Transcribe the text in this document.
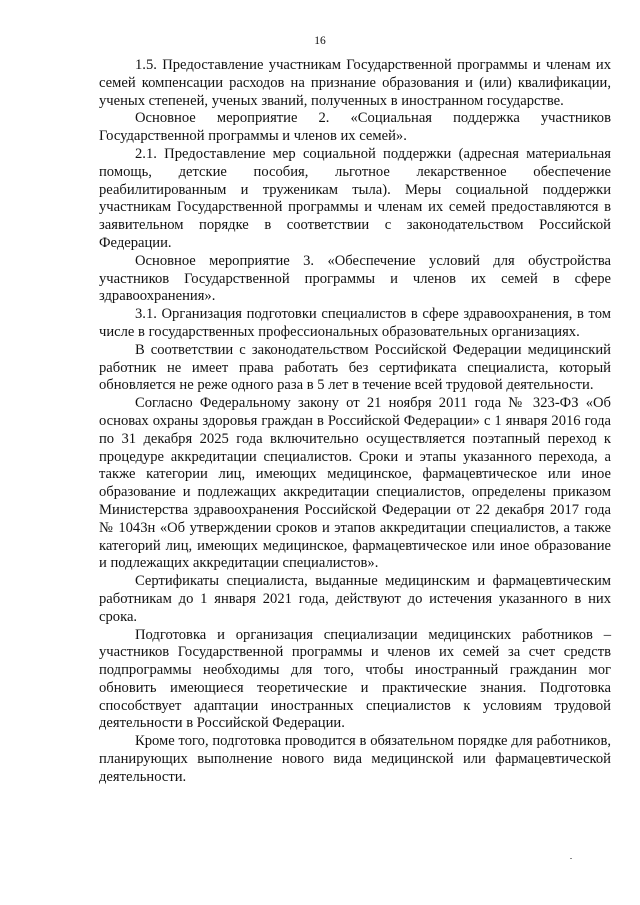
16

1.5. Предоставление участникам Государственной программы и членам их семей компенсации расходов на признание образования и (или) квалификации, ученых степеней, ученых званий, полученных в иностранном государстве.

Основное мероприятие 2. «Социальная поддержка участников Государственной программы и членов их семей».

2.1. Предоставление мер социальной поддержки (адресная материальная помощь, детские пособия, льготное лекарственное обеспечение реабилитированным и труженикам тыла). Меры социальной поддержки участникам Государственной программы и членам их семей предоставляются в заявительном порядке в соответствии с законодательством Российской Федерации.

Основное мероприятие 3. «Обеспечение условий для обустройства участников Государственной программы и членов их семей в сфере здравоохранения».

3.1. Организация подготовки специалистов в сфере здравоохранения, в том числе в государственных профессиональных образовательных организациях.

В соответствии с законодательством Российской Федерации медицинский работник не имеет права работать без сертификата специалиста, который обновляется не реже одного раза в 5 лет в течение всей трудовой деятельности.

Согласно Федеральному закону от 21 ноября 2011 года № 323-ФЗ «Об основах охраны здоровья граждан в Российской Федерации» с 1 января 2016 года по 31 декабря 2025 года включительно осуществляется поэтапный переход к процедуре аккредитации специалистов. Сроки и этапы указанного перехода, а также категории лиц, имеющих медицинское, фармацевтическое или иное образование и подлежащих аккредитации специалистов, определены приказом Министерства здравоохранения Российской Федерации от 22 декабря 2017 года № 1043н «Об утверждении сроков и этапов аккредитации специалистов, а также категорий лиц, имеющих медицинское, фармацевтическое или иное образование и подлежащих аккредитации специалистов».

Сертификаты специалиста, выданные медицинским и фармацевтическим работникам до 1 января 2021 года, действуют до истечения указанного в них срока.

Подготовка и организация специализации медицинских работников – участников Государственной программы и членов их семей за счет средств подпрограммы необходимы для того, чтобы иностранный гражданин мог обновить имеющиеся теоретические и практические знания. Подготовка способствует адаптации иностранных специалистов к условиям трудовой деятельности в Российской Федерации.

Кроме того, подготовка проводится в обязательном порядке для работников, планирующих выполнение нового вида медицинской или фармацевтической деятельности.
